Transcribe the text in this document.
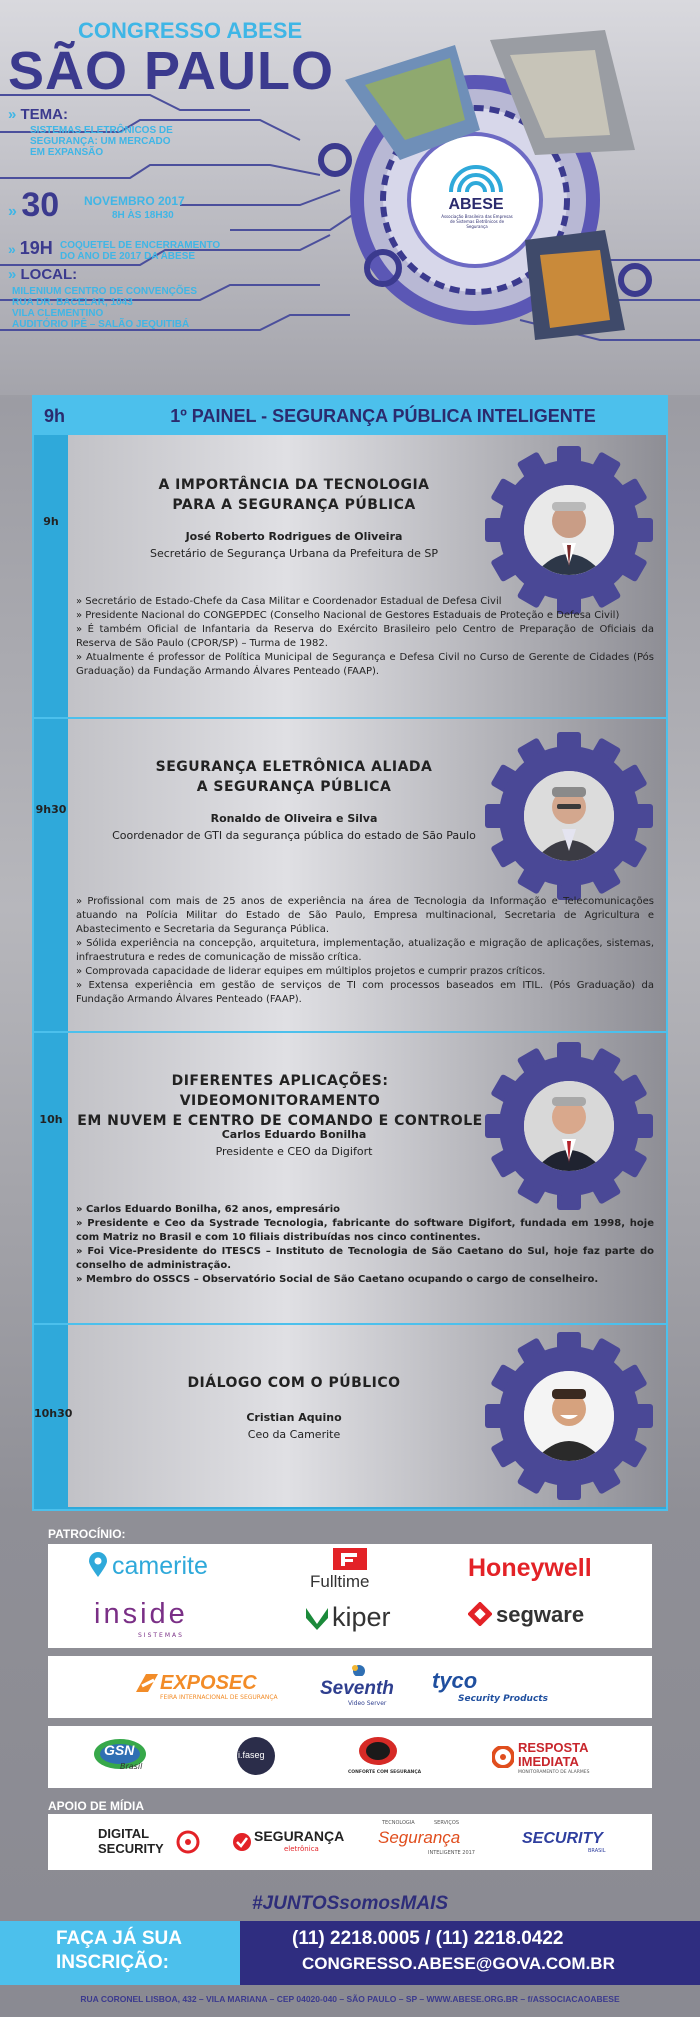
ABESE
Associação Brasileira das Empresas de Sistemas Eletrônicos de Segurança
CONGRESSO ABESE
SÃO PAULO
» TEMA:
SISTEMAS ELETRÔNICOS DE
SEGURANÇA: UM MERCADO
EM EXPANSÃO
» 30 NOVEMBRO 2017
8H ÀS 18H30
» 19H COQUETEL DE ENCERRAMENTO
DO ANO DE 2017 DA ABESE
» LOCAL:
MILENIUM CENTRO DE CONVENÇÕES
RUA DR. BACELAR, 1043
VILA CLEMENTINO
AUDITÓRIO IPÊ – SALÃO JEQUITIBÁ
9h	1º PAINEL - SEGURANÇA PÚBLICA INTELIGENTE
9h
A IMPORTÂNCIA DA TECNOLOGIA
PARA A SEGURANÇA PÚBLICA
José Roberto Rodrigues de Oliveira
Secretário de Segurança Urbana da Prefeitura de SP
» Secretário de Estado-Chefe da Casa Militar e Coordenador Estadual de Defesa Civil
» Presidente Nacional do CONGEPDEC (Conselho Nacional de Gestores Estaduais de Proteção e Defesa Civil)
» É também Oficial de Infantaria da Reserva do Exército Brasileiro pelo Centro de Preparação de Oficiais da Reserva de São Paulo (CPOR/SP) – Turma de 1982.
» Atualmente é professor de Política Municipal de Segurança e Defesa Civil no Curso de Gerente de Cidades (Pós Graduação) da Fundação Armando Álvares Penteado (FAAP).
9h30
SEGURANÇA ELETRÔNICA ALIADA
A SEGURANÇA PÚBLICA
Ronaldo de Oliveira e Silva
Coordenador de GTI da segurança pública do estado de São Paulo
» Profissional com mais de 25 anos de experiência na área de Tecnologia da Informação e Telecomunicações atuando na Polícia Militar do Estado de São Paulo, Empresa multinacional, Secretaria de Agricultura e Abastecimento e Secretaria da Segurança Pública.
» Sólida experiência na concepção, arquitetura, implementação, atualização e migração de aplicações, sistemas, infraestrutura e redes de comunicação de missão crítica.
» Comprovada capacidade de liderar equipes em múltiplos projetos e cumprir prazos críticos.
» Extensa experiência em gestão de serviços de TI com processos baseados em ITIL. (Pós Graduação) da Fundação Armando Álvares Penteado (FAAP).
10h
DIFERENTES APLICAÇÕES: VIDEOMONITORAMENTO
EM NUVEM E CENTRO DE COMANDO E CONTROLE
Carlos Eduardo Bonilha
Presidente e CEO da Digifort
» Carlos Eduardo Bonilha, 62 anos, empresário
» Presidente e Ceo da Systrade Tecnologia, fabricante do software Digifort, fundada em 1998, hoje com Matriz no Brasil e com 10 filiais distribuídas nos cinco continentes.
» Foi Vice-Presidente do ITESCS – Instituto de Tecnologia de São Caetano do Sul, hoje faz parte do conselho de administração.
» Membro do OSSCS – Observatório Social de São Caetano ocupando o cargo de conselheiro.
10h30
DIÁLOGO COM O PÚBLICO
Cristian Aquino
Ceo da Camerite
PATROCÍNIO:
camerite
Fulltime	Honeywell
inside
SISTEMAS
kiper	segware
EXPOSEC
FEIRA INTERNACIONAL DE SEGURANÇA Seventh
Video Server
tyco
Security Products
GSN
Brasil
i.faseg
CONFORTE COM SEGURANÇA
RESPOSTA
IMEDIATA
MONITORAMENTO DE ALARMES
APOIO DE MÍDIA
DIGITAL
SECURITY
SEGURANÇA
eletrônica
TECNOLOGIA	SERVIÇOS
Segurança
INTELIGENTE 2017
SECURITY
BRASIL
#JUNTOSsomosMAIS
FAÇA JÁ SUA
INSCRIÇÃO:
(11) 2218.0005 / (11) 2218.0422
CONGRESSO.ABESE@GOVA.COM.BR
RUA CORONEL LISBOA, 432 – VILA MARIANA – CEP 04020-040 – SÃO PAULO – SP – WWW.ABESE.ORG.BR – f/ASSOCIACAOABESE
